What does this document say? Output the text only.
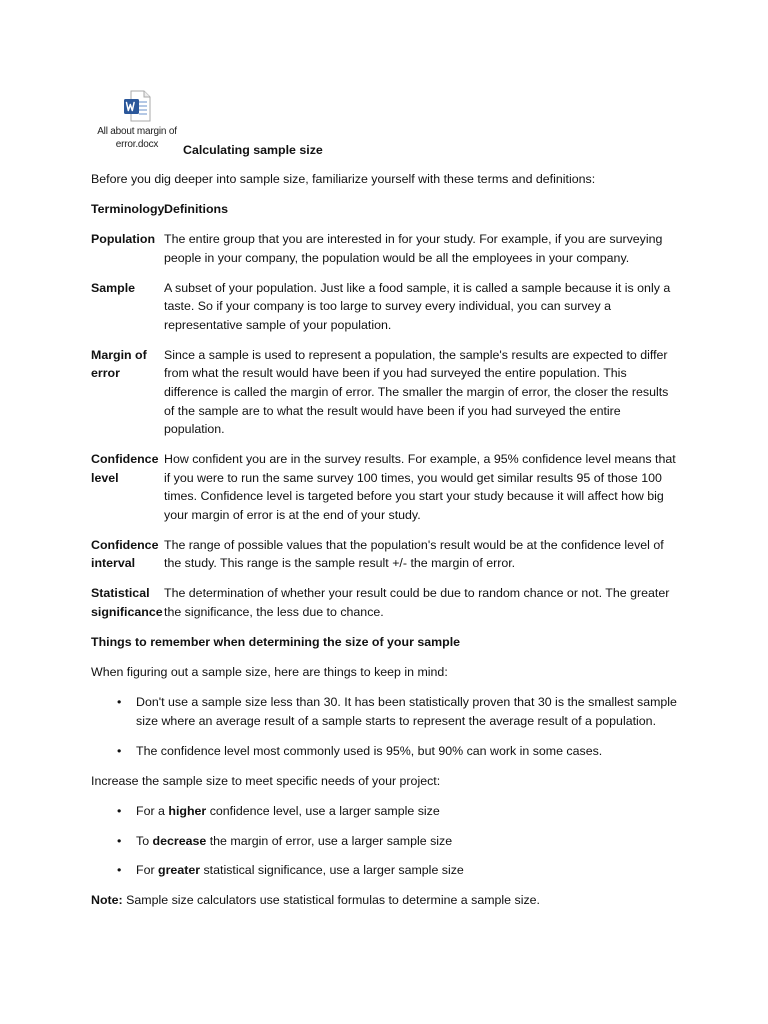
All about margin of error.docx	Calculating sample size

Before you dig deeper into sample size, familiarize yourself with these terms and definitions:

Terminology Definitions
Population The entire group that you are interested in for your study. For example, if you are surveying people in your company, the population would be all the employees in your company.
Sample	A subset of your population. Just like a food sample, it is called a sample because it is only a taste. So if your company is too large to survey every individual, you can survey a representative sample of your population.
Margin of error
Since a sample is used to represent a population, the sample's results are expected to differ from what the result would have been if you had surveyed the entire population. This difference is called the margin of error. The smaller the margin of error, the closer the results of the sample are to what the result would have been if you had surveyed the entire population.
Confidence level
How confident you are in the survey results. For example, a 95% confidence level means that if you were to run the same survey 100 times, you would get similar results 95 of those 100 times. Confidence level is targeted before you start your study because it will affect how big your margin of error is at the end of your study.
Confidence interval
The range of possible values that the population's result would be at the confidence level of the study. This range is the sample result +/- the margin of error.
Statistical significance
The determination of whether your result could be due to random chance or not. The greater the significance, the less due to chance.

Things to remember when determining the size of your sample

When figuring out a sample size, here are things to keep in mind:

• Don't use a sample size less than 30. It has been statistically proven that 30 is the smallest sample size where an average result of a sample starts to represent the average result of a population.
• The confidence level most commonly used is 95%, but 90% can work in some cases.

Increase the sample size to meet specific needs of your project:

• For a higher confidence level, use a larger sample size
• To decrease the margin of error, use a larger sample size
• For greater statistical significance, use a larger sample size

Note: Sample size calculators use statistical formulas to determine a sample size.
